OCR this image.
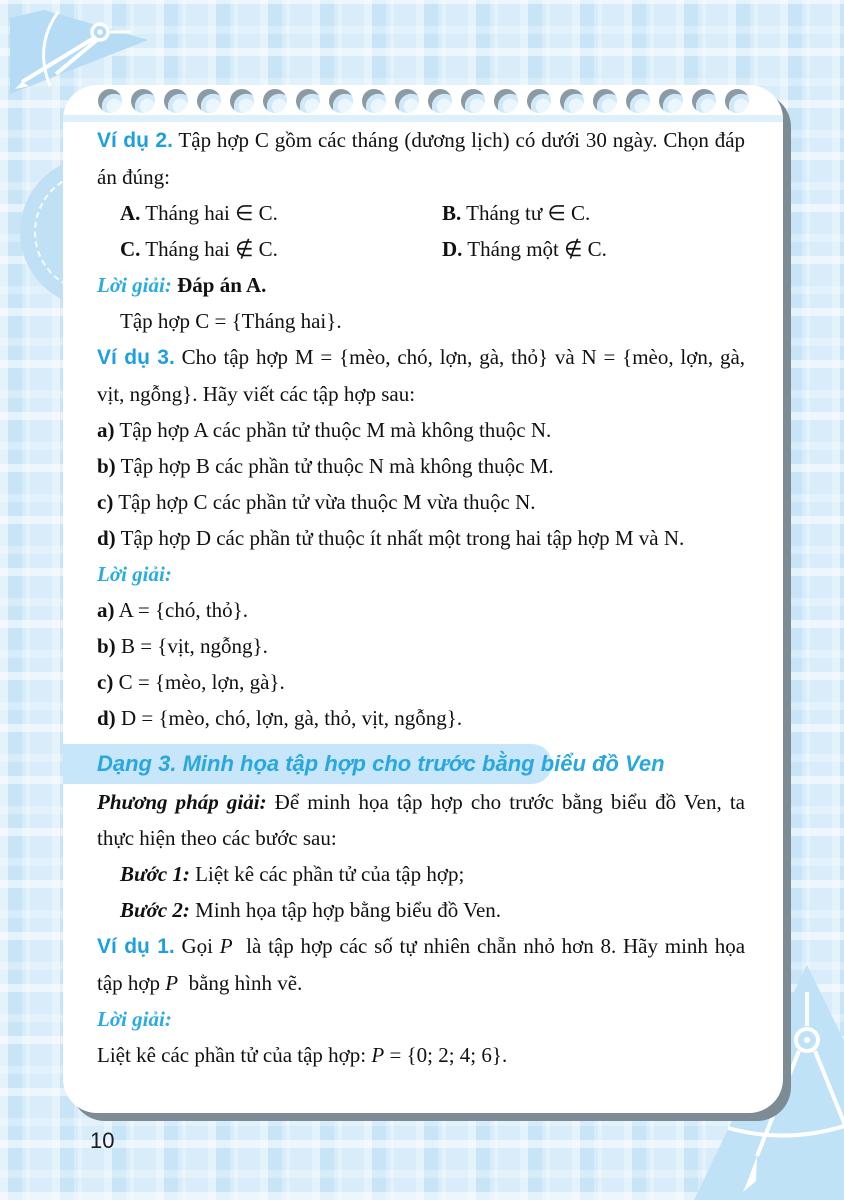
Ví dụ 2. Tập hợp C gồm các tháng (dương lịch) có dưới 30 ngày. Chọn đáp án đúng:

A. Tháng hai ∈ C.	B. Tháng tư ∈ C.
C. Tháng hai ∉ C.	D. Tháng một ∉ C.

Lời giải: Đáp án A.

Tập hợp C = {Tháng hai}.

Ví dụ 3. Cho tập hợp M = {mèo, chó, lợn, gà, thỏ} và N = {mèo, lợn, gà, vịt, ngỗng}. Hãy viết các tập hợp sau:

a) Tập hợp A các phần tử thuộc M mà không thuộc N.

b) Tập hợp B các phần tử thuộc N mà không thuộc M.

c) Tập hợp C các phần tử vừa thuộc M vừa thuộc N.

d) Tập hợp D các phần tử thuộc ít nhất một trong hai tập hợp M và N.

Lời giải:

a) A = {chó, thỏ}.

b) B = {vịt, ngỗng}.

c) C = {mèo, lợn, gà}.

d) D = {mèo, chó, lợn, gà, thỏ, vịt, ngỗng}.

Dạng 3. Minh họa tập hợp cho trước bằng biểu đồ Ven

Phương pháp giải: Để minh họa tập hợp cho trước bằng biểu đồ Ven, ta thực hiện theo các bước sau:

Bước 1: Liệt kê các phần tử của tập hợp;

Bước 2: Minh họa tập hợp bằng biểu đồ Ven.

Ví dụ 1. Gọi P là tập hợp các số tự nhiên chẵn nhỏ hơn 8. Hãy minh họa tập hợp P bằng hình vẽ.

Lời giải:

Liệt kê các phần tử của tập hợp: P = {0; 2; 4; 6}.

10
